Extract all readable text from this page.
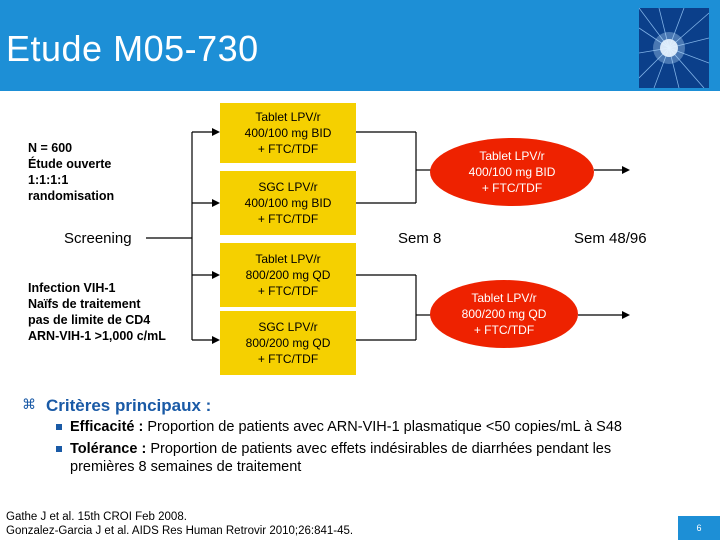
Etude M05-730
N = 600
Étude ouverte
1:1:1:1
randomisation
Screening
Infection VIH-1
Naïfs de traitement
pas de limite de CD4
ARN-VIH-1 >1,000 c/mL
Tablet LPV/r
400/100 mg BID
+ FTC/TDF
SGC LPV/r
400/100 mg BID
+ FTC/TDF
Tablet LPV/r
800/200 mg QD
+ FTC/TDF
SGC LPV/r
800/200 mg QD
+ FTC/TDF
Tablet LPV/r
400/100 mg BID
+ FTC/TDF
Tablet LPV/r
800/200 mg QD
+ FTC/TDF
Sem 8	Sem 48/96
⌘ Critères principaux :
Efficacité : Proportion de patients avec ARN-VIH-1 plasmatique <50 copies/mL à S48
Tolérance : Proportion de patients avec effets indésirables de diarrhées pendant les
premières 8 semaines de traitement
Gathe J et al. 15th CROI Feb 2008.
Gonzalez-Garcia J et al. AIDS Res Human Retrovir 2010;26:841-45.	6
